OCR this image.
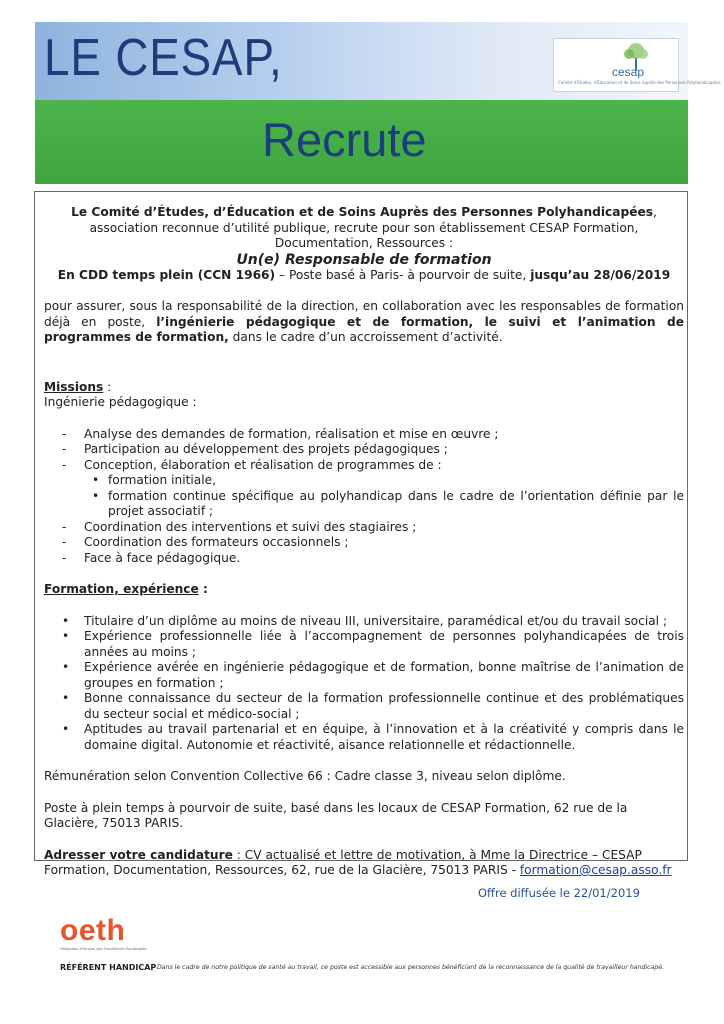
LE CESAP,	cesap
Comité d'Études, d'Éducation et de Soins Auprès des Personnes Polyhandicapées
Recrute

Le Comité d’Études, d’Éducation et de Soins Auprès des Personnes Polyhandicapées, association reconnue d’utilité publique, recrute pour son établissement CESAP Formation, Documentation, Ressources :

Un(e) Responsable de formation

En CDD temps plein (CCN 1966) – Poste basé à Paris- à pourvoir de suite, jusqu’au 28/06/2019

pour assurer, sous la responsabilité de la direction, en collaboration avec les responsables de formation déjà en poste, l’ingénierie pédagogique et de formation, le suivi et l’animation de programmes de formation, dans le cadre d’un accroissement d’activité.

Missions :

Ingénierie pédagogique :

- Analyse des demandes de formation, réalisation et mise en œuvre ;
- Participation au développement des projets pédagogiques ;
- Conception, élaboration et réalisation de programmes de :
• formation initiale,
• formation continue spécifique au polyhandicap dans le cadre de l’orientation définie par le projet associatif ;
- Coordination des interventions et suivi des stagiaires ;
- Coordination des formateurs occasionnels ;
- Face à face pédagogique.

Formation, expérience :

• Titulaire d’un diplôme au moins de niveau III, universitaire, paramédical et/ou du travail social ;
• Expérience professionnelle liée à l’accompagnement de personnes polyhandicapées de trois années au moins ;
• Expérience avérée en ingénierie pédagogique et de formation, bonne maîtrise de l’animation de groupes en formation ;
• Bonne connaissance du secteur de la formation professionnelle continue et des problématiques du secteur social et médico-social ;
• Aptitudes au travail partenarial et en équipe, à l’innovation et à la créativité y compris dans le domaine digital. Autonomie et réactivité, aisance relationnelle et rédactionnelle.

Rémunération selon Convention Collective 66 : Cadre classe 3, niveau selon diplôme.

Poste à plein temps à pourvoir de suite, basé dans les locaux de CESAP Formation, 62 rue de la Glacière, 75013 PARIS.

Adresser votre candidature : CV actualisé et lettre de motivation, à Mme la Directrice – CESAP Formation, Documentation, Ressources, 62, rue de la Glacière, 75013 PARIS - formation@cesap.asso.fr

Offre diffusée le 22/01/2019
oeth
Obligation d'Emploi des Travailleurs Handicapés
RÉFÉRENT HANDICAP Dans le cadre de notre politique de santé au travail, ce poste est accessible aux personnes bénéficiant de la reconnaissance de la qualité de travailleur handicapé.
